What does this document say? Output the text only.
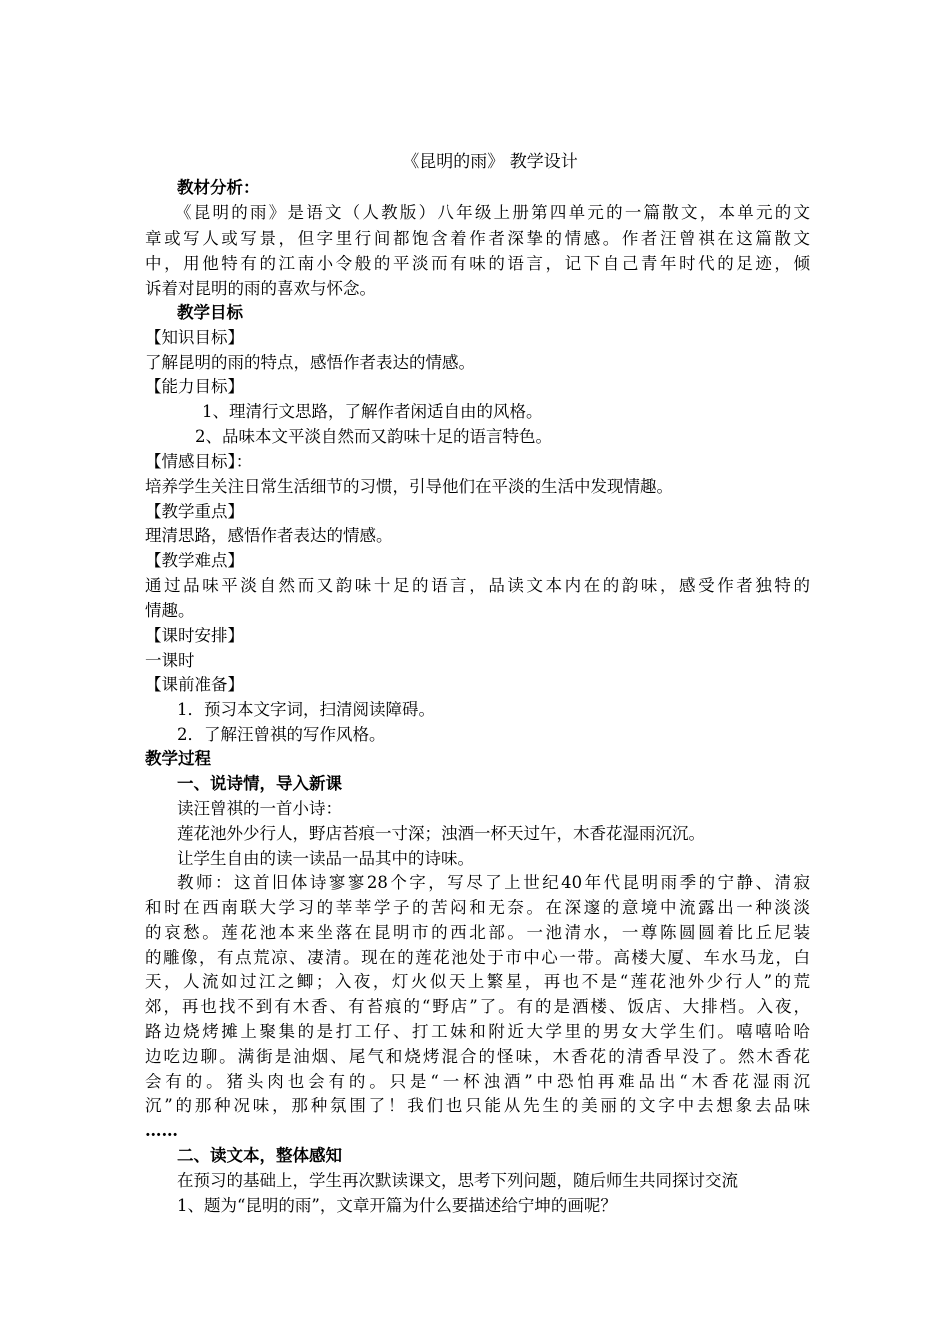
《昆明的雨》 教学设计
教材分析：
《昆明的雨》是语文（人教版）八年级上册第四单元的一篇散文，本单元的文
章或写人或写景，但字里行间都饱含着作者深挚的情感。作者汪曾祺在这篇散文
中，用他特有的江南小令般的平淡而有味的语言，记下自己青年时代的足迹，倾
诉着对昆明的雨的喜欢与怀念。
教学目标
【知识目标】
了解昆明的雨的特点，感悟作者表达的情感。
【能力目标】
1、理清行文思路，了解作者闲适自由的风格。
2、品味本文平淡自然而又韵味十足的语言特色。
【情感目标】：
培养学生关注日常生活细节的习惯，引导他们在平淡的生活中发现情趣。
【教学重点】
理清思路，感悟作者表达的情感。
【教学难点】
通过品味平淡自然而又韵味十足的语言，品读文本内在的韵味，感受作者独特的
情趣。
【课时安排】
一课时
【课前准备】
1．预习本文字词，扫清阅读障碍。
2．了解汪曾祺的写作风格。
教学过程
一、说诗情，导入新课
读汪曾祺的一首小诗：
莲花池外少行人，野店苔痕一寸深；浊酒一杯天过午，木香花湿雨沉沉。
让学生自由的读一读品一品其中的诗味。
教师：这首旧体诗寥寥28个字，写尽了上世纪40年代昆明雨季的宁静、清寂
和时在西南联大学习的莘莘学子的苦闷和无奈。在深邃的意境中流露出一种淡淡
的哀愁。莲花池本来坐落在昆明市的西北部。一池清水，一尊陈圆圆着比丘尼装
的雕像，有点荒凉、凄清。现在的莲花池处于市中心一带。高楼大厦、车水马龙，白
天，人流如过江之鲫；入夜，灯火似天上繁星，再也不是“莲花池外少行人”的荒
郊，再也找不到有木香、有苔痕的“野店”了。有的是酒楼、饭店、大排档。入夜，
路边烧烤摊上聚集的是打工仔、打工妹和附近大学里的男女大学生们。嘻嘻哈哈
边吃边聊。满街是油烟、尾气和烧烤混合的怪味，木香花的清香早没了。然木香花
会有的。猪头肉也会有的。只是“一杯浊酒”中恐怕再难品出“木香花湿雨沉
沉”的那种况味，那种氛围了！我们也只能从先生的美丽的文字中去想象去品味
……
二、读文本，整体感知
在预习的基础上，学生再次默读课文，思考下列问题，随后师生共同探讨交流
1、题为“昆明的雨”，文章开篇为什么要描述给宁坤的画呢？
